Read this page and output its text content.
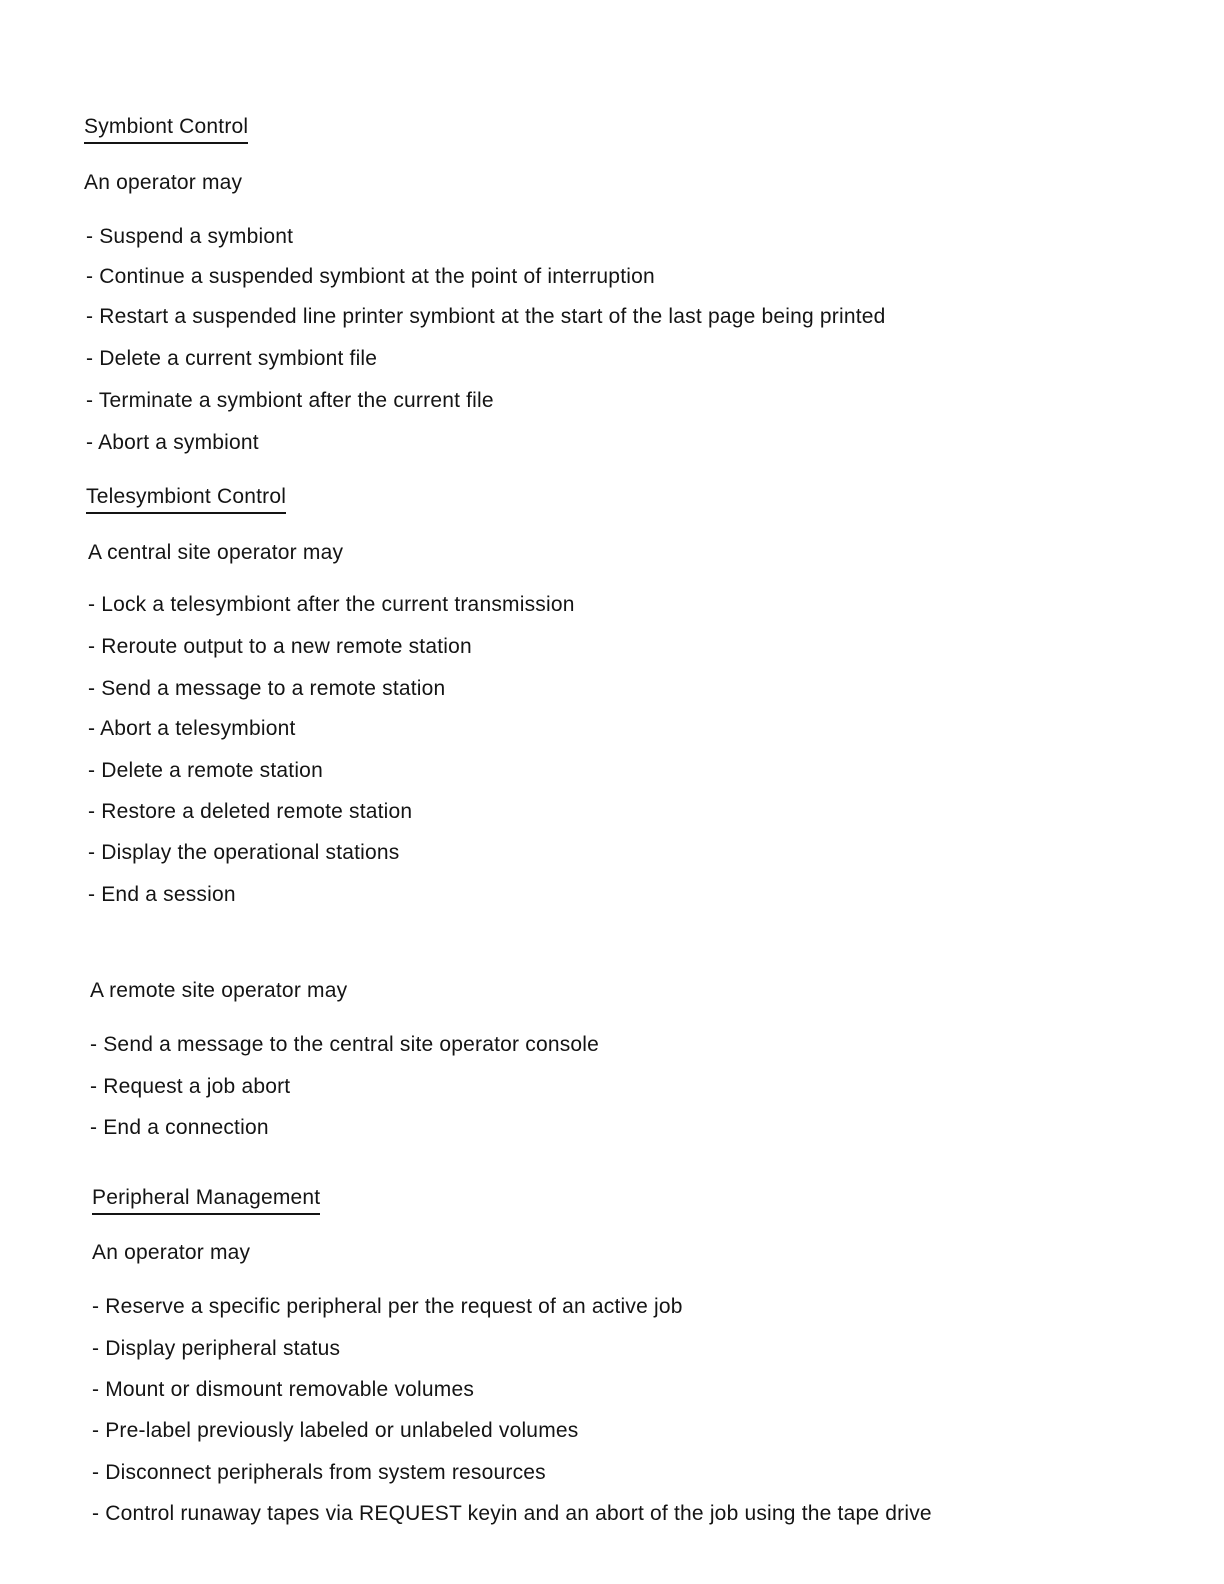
Symbiont Control
An operator may
- Suspend a symbiont
- Continue a suspended symbiont at the point of interruption
- Restart a suspended line printer symbiont at the start of the last page being printed
- Delete a current symbiont file
- Terminate a symbiont after the current file
- Abort a symbiont
Telesymbiont Control
A central site operator may
- Lock a telesymbiont after the current transmission
- Reroute output to a new remote station
- Send a message to a remote station
- Abort a telesymbiont
- Delete a remote station
- Restore a deleted remote station
- Display the operational stations
- End a session
A remote site operator may
- Send a message to the central site operator console
- Request a job abort
- End a connection
Peripheral Management
An operator may
- Reserve a specific peripheral per the request of an active job
- Display peripheral status
- Mount or dismount removable volumes
- Pre-label previously labeled or unlabeled volumes
- Disconnect peripherals from system resources
- Control runaway tapes via REQUEST keyin and an abort of the job using the tape drive
